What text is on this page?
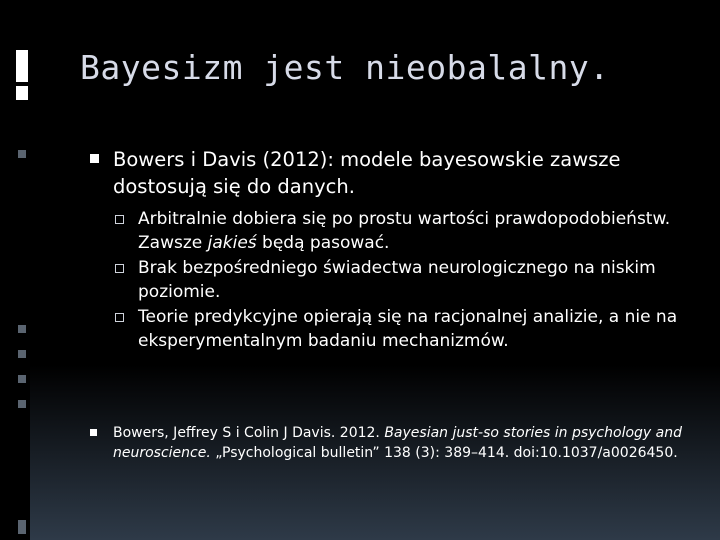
Bayesizm jest nieobalalny.
Bowers i Davis (2012): modele bayesowskie zawsze dostosują się do danych.
Arbitralnie dobiera się po prostu wartości prawdopodobieństw. Zawsze jakieś będą pasować.
Brak bezpośredniego świadectwa neurologicznego na niskim poziomie.
Teorie predykcyjne opierają się na racjonalnej analizie, a nie na eksperymentalnym badaniu mechanizmów.
Bowers, Jeffrey S i Colin J Davis. 2012. Bayesian just-so stories in psychology and neuroscience. „Psychological bulletin” 138 (3): 389–414. doi:10.1037/a0026450.
